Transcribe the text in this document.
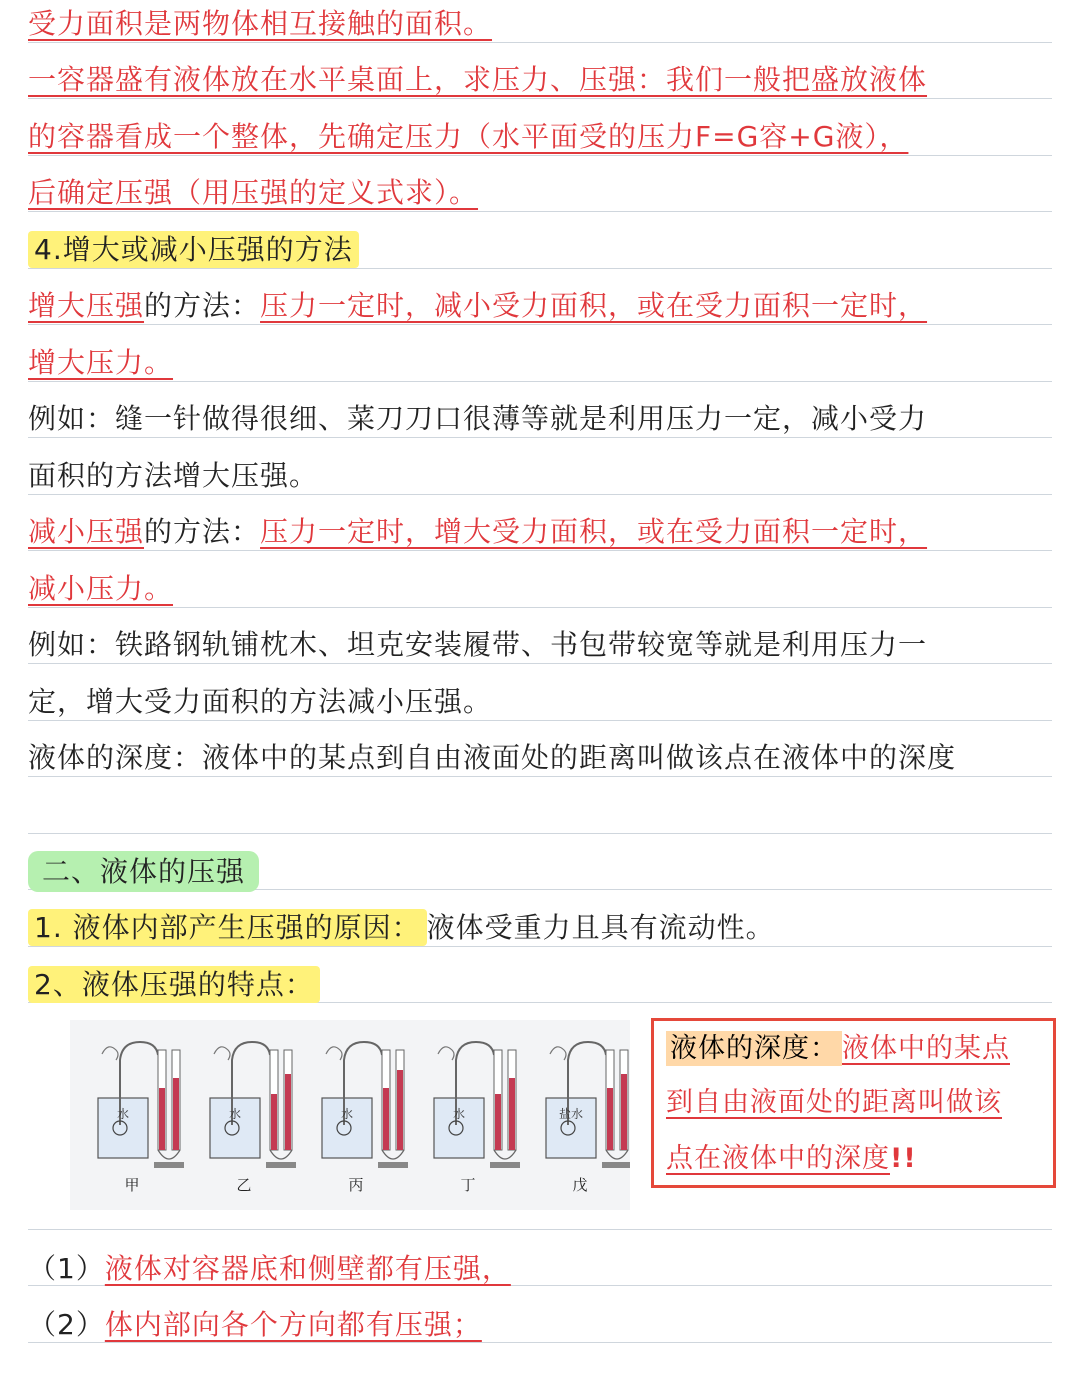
受力面积是两物体相互接触的面积。
一容器盛有液体放在水平桌面上，求压力、压强：我们一般把盛放液体
的容器看成一个整体，先确定压力（水平面受的压力F=G容+G液），
后确定压强（用压强的定义式求）。
4.增大或减小压强的方法
增大压强的方法：压力一定时，减小受力面积，或在受力面积一定时，
增大压力。
例如：缝一针做得很细、菜刀刀口很薄等就是利用压力一定，减小受力
面积的方法增大压强。
减小压强的方法：压力一定时，增大受力面积，或在受力面积一定时，
减小压力。
例如：铁路钢轨铺枕木、坦克安装履带、书包带较宽等就是利用压力一
定，增大受力面积的方法减小压强。
液体的深度：液体中的某点到自由液面处的距离叫做该点在液体中的深度
二、液体的压强
1. 液体内部产生压强的原因： 液体受重力且具有流动性。
2、液体压强的特点：
水
甲
水
乙
水
丙
水
丁
盐水
戊
液体的深度： 液体中的某点
到自由液面处的距离叫做该
点在液体中的深度!!
（1）液体对容器底和侧壁都有压强，
（2）体内部向各个方向都有压强；
